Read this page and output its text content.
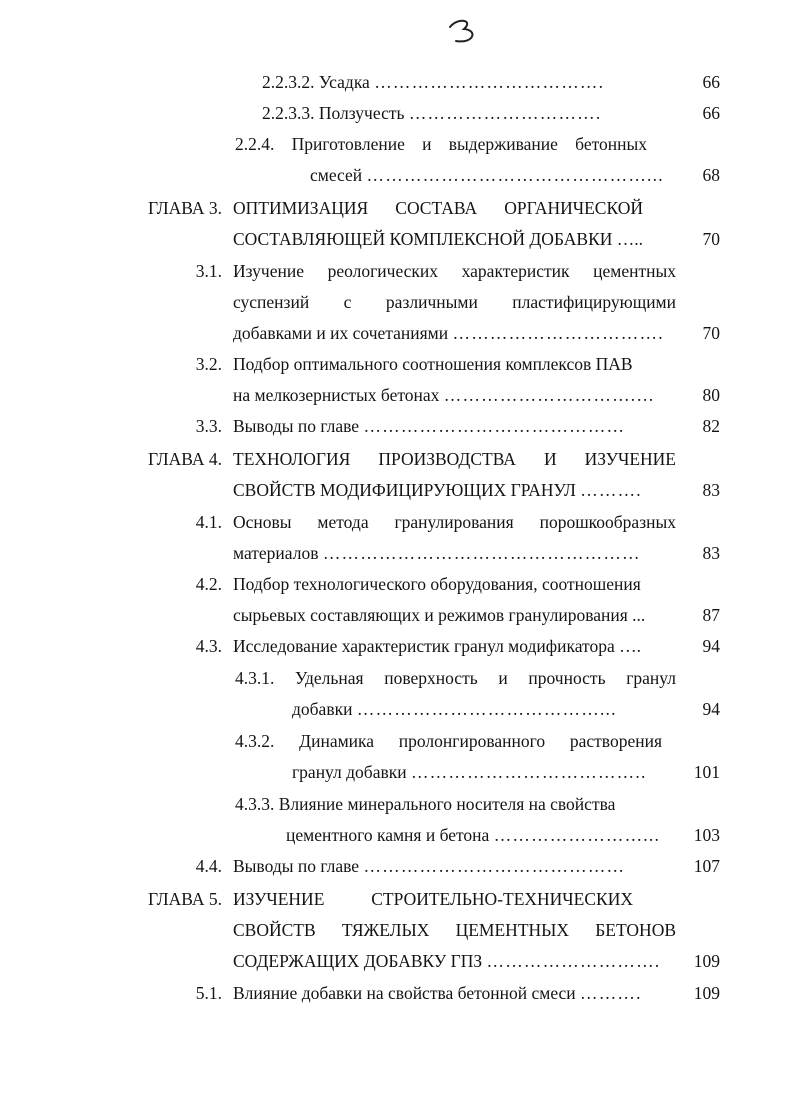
2.2.3.2. Усадка ……………………………….	66
2.2.3.3. Ползучесть ………………………….	66
2.2.4. Приготовление и выдерживание бетонных
смесей ………………………………………...	68
ГЛАВА 3. ОПТИМИЗАЦИЯ СОСТАВА ОРГАНИЧЕСКОЙ
СОСТАВЛЯЮЩЕЙ КОМПЛЕКСНОЙ ДОБАВКИ …..	70
3.1. Изучение реологических характеристик цементных
суспензий с различными пластифицирующими
добавками и их сочетаниями …………………………….	70
3.2. Подбор оптимального соотношения комплексов ПАВ
на мелкозернистых бетонах ………………………….…	80
3.3. Выводы по главе ……………………………………	82
ГЛАВА 4. ТЕХНОЛОГИЯ ПРОИЗВОДСТВА И ИЗУЧЕНИЕ
СВОЙСТВ МОДИФИЦИРУЮЩИХ ГРАНУЛ ……….	83
4.1. Основы метода гранулирования порошкообразных
материалов ……………………………………………	83
4.2. Подбор технологического оборудования, соотношения
сырьевых составляющих и режимов гранулирования ...	87
4.3. Исследование характеристик гранул модификатора ….	94
4.3.1. Удельная поверхность и прочность гранул
добавки …………………………………...	94
4.3.2. Динамика пролонгированного растворения
гранул добавки ………………………………..	101
4.3.3. Влияние минерального носителя на свойства
цементного камня и бетона ……………………...	103
4.4. Выводы по главе ……………………………………	107
ГЛАВА 5. ИЗУЧЕНИЕ СТРОИТЕЛЬНО-ТЕХНИЧЕСКИХ
СВОЙСТВ ТЯЖЕЛЫХ ЦЕМЕНТНЫХ БЕТОНОВ
СОДЕРЖАЩИХ ДОБАВКУ ГПЗ ……………………….	109
5.1. Влияние добавки на свойства бетонной смеси ……….	109
